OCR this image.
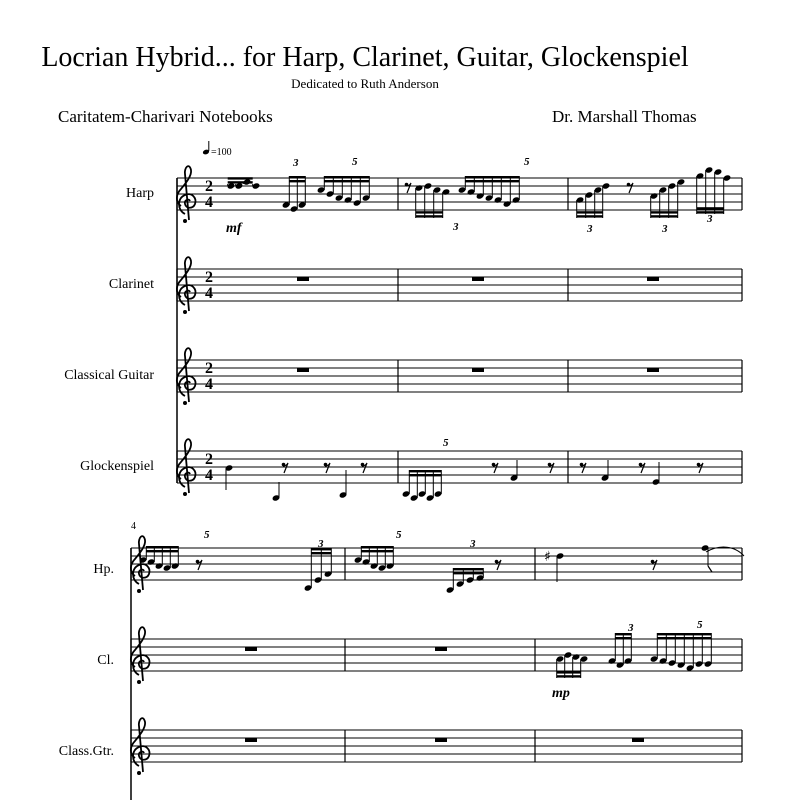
Locrian Hybrid... for Harp, Clarinet, Guitar, Glockenspiel
Dedicated to Ruth Anderson
Caritatem-Charivari Notebooks	Dr. Marshall Thomas
Harp
Clarinet
Classical Guitar
Glockenspiel
Hp.
Cl.
Class.Gtr.
♯
=100
2
4
2
4
2
4
2
4
4
mf
mp
3	5	5
3	3	3
3
5
5
3
5
3
3	5
